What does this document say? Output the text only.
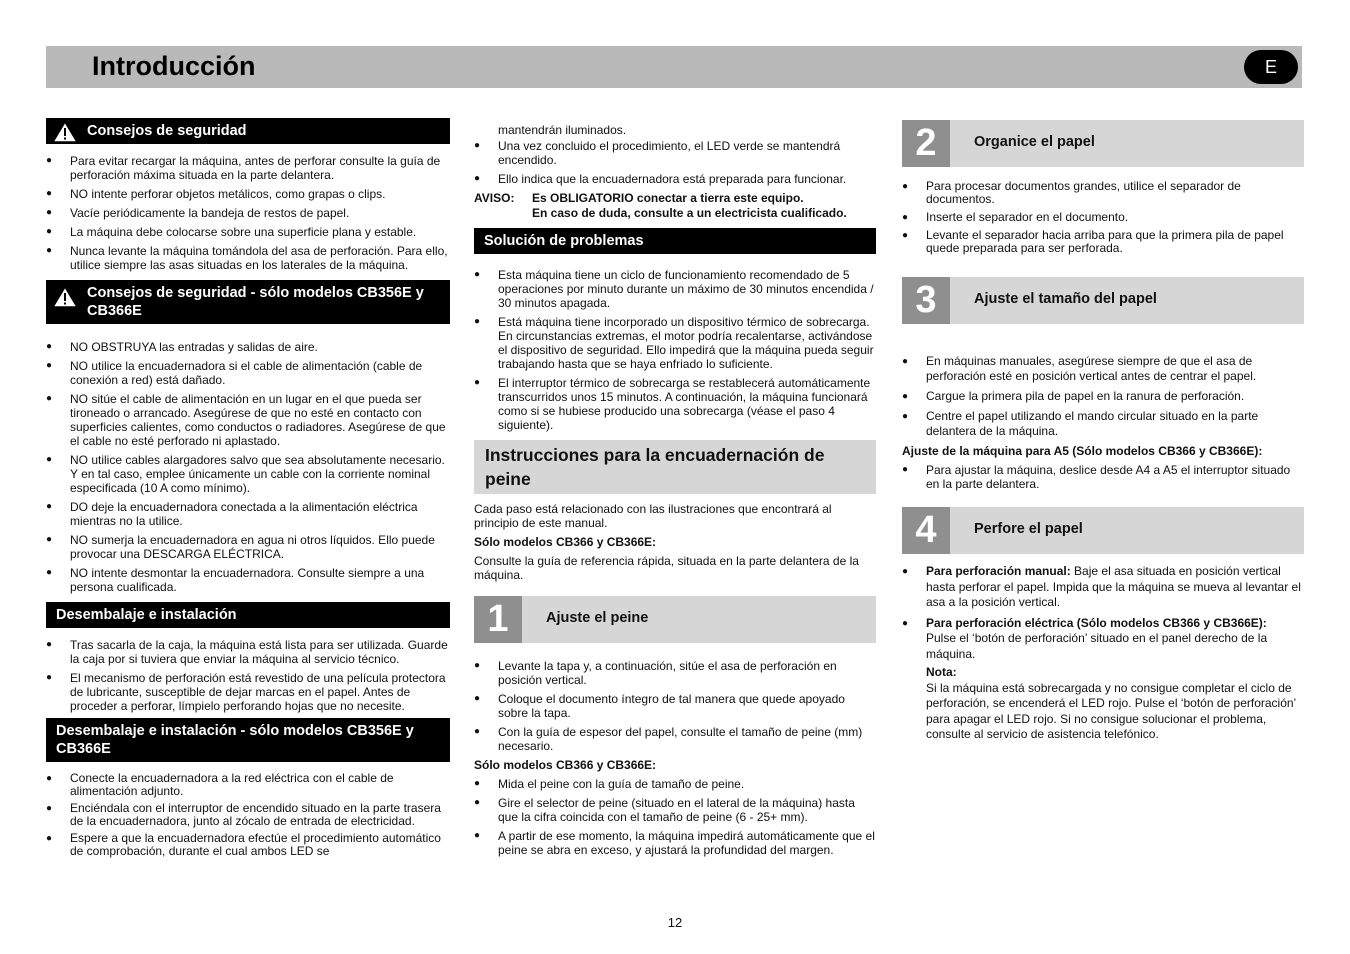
Introducción	E
Consejos de seguridad
● Para evitar recargar la máquina, antes de perforar consulte la guía de perforación máxima situada en la parte delantera.
● NO intente perforar objetos metálicos, como grapas o clips.
● Vacíe periódicamente la bandeja de restos de papel.
● La máquina debe colocarse sobre una superficie plana y estable.
● Nunca levante la máquina tomándola del asa de perforación. Para ello, utilice siempre las asas situadas en los laterales de la máquina.
Consejos de seguridad - sólo modelos CB356E y CB366E
● NO OBSTRUYA las entradas y salidas de aire.
● NO utilice la encuadernadora si el cable de alimentación (cable de conexión a red) está dañado.
● NO sitúe el cable de alimentación en un lugar en el que pueda ser tironeado o arrancado. Asegúrese de que no esté en contacto con superficies calientes, como conductos o radiadores. Asegúrese de que el cable no esté perforado ni aplastado.
● NO utilice cables alargadores salvo que sea absolutamente necesario. Y en tal caso, emplee únicamente un cable con la corriente nominal especificada (10 A como mínimo).
● DO deje la encuadernadora conectada a la alimentación eléctrica mientras no la utilice.
● NO sumerja la encuadernadora en agua ni otros líquidos. Ello puede provocar una DESCARGA ELÉCTRICA.
● NO intente desmontar la encuadernadora. Consulte siempre a una persona cualificada.
Desembalaje e instalación
● Tras sacarla de la caja, la máquina está lista para ser utilizada. Guarde la caja por si tuviera que enviar la máquina al servicio técnico.
● El mecanismo de perforación está revestido de una película protectora de lubricante, susceptible de dejar marcas en el papel. Antes de proceder a perforar, límpielo perforando hojas que no necesite.
Desembalaje e instalación - sólo modelos CB356E y CB366E
● Conecte la encuadernadora a la red eléctrica con el cable de alimentación adjunto.
● Enciéndala con el interruptor de encendido situado en la parte trasera de la encuadernadora, junto al zócalo de entrada de electricidad.
● Espere a que la encuadernadora efectúe el procedimiento automático de comprobación, durante el cual ambos LED se

mantendrán iluminados.

● Una vez concluido el procedimiento, el LED verde se mantendrá encendido.
● Ello indica que la encuadernadora está preparada para funcionar.
AVISO:	Es OBLIGATORIO conectar a tierra este equipo.
En caso de duda, consulte a un electricista cualificado.
Solución de problemas
● Esta máquina tiene un ciclo de funcionamiento recomendado de 5 operaciones por minuto durante un máximo de 30 minutos encendida / 30 minutos apagada.
● Está máquina tiene incorporado un dispositivo térmico de sobrecarga. En circunstancias extremas, el motor podría recalentarse, activándose el dispositivo de seguridad. Ello impedirá que la máquina pueda seguir trabajando hasta que se haya enfriado lo suficiente.
● El interruptor térmico de sobrecarga se restablecerá automáticamente transcurridos unos 15 minutos. A continuación, la máquina funcionará como si se hubiese producido una sobrecarga (véase el paso 4 siguiente).
Instrucciones para la encuadernación de peine

Cada paso está relacionado con las ilustraciones que encontrará al principio de este manual.

Sólo modelos CB366 y CB366E:

Consulte la guía de referencia rápida, situada en la parte delantera de la máquina.

1	Ajuste el peine
● Levante la tapa y, a continuación, sitúe el asa de perforación en posición vertical.
● Coloque el documento íntegro de tal manera que quede apoyado sobre la tapa.
● Con la guía de espesor del papel, consulte el tamaño de peine (mm) necesario.

Sólo modelos CB366 y CB366E:

● Mida el peine con la guía de tamaño de peine.
● Gire el selector de peine (situado en el lateral de la máquina) hasta que la cifra coincida con el tamaño de peine (6 - 25+ mm).
● A partir de ese momento, la máquina impedirá automáticamente que el peine se abra en exceso, y ajustará la profundidad del margen.
2	Organice el papel
● Para procesar documentos grandes, utilice el separador de documentos.
● Inserte el separador en el documento.
● Levante el separador hacia arriba para que la primera pila de papel quede preparada para ser perforada.
3	Ajuste el tamaño del papel
● En máquinas manuales, asegúrese siempre de que el asa de perforación esté en posición vertical antes de centrar el papel.
● Cargue la primera pila de papel en la ranura de perforación.
● Centre el papel utilizando el mando circular situado en la parte delantera de la máquina.

Ajuste de la máquina para A5 (Sólo modelos CB366 y CB366E):

● Para ajustar la máquina, deslice desde A4 a A5 el interruptor situado en la parte delantera.
4	Perfore el papel
● Para perforación manual: Baje el asa situada en posición vertical hasta perforar el papel. Impida que la máquina se mueva al levantar el asa a la posición vertical.
● Para perforación eléctrica (Sólo modelos CB366 y CB366E):
Pulse el ‘botón de perforación’ situado en el panel derecho de la máquina.
Nota:
Si la máquina está sobrecargada y no consigue completar el ciclo de perforación, se encenderá el LED rojo. Pulse el ‘botón de perforación’ para apagar el LED rojo. Si no consigue solucionar el problema, consulte al servicio de asistencia telefónico.
12
